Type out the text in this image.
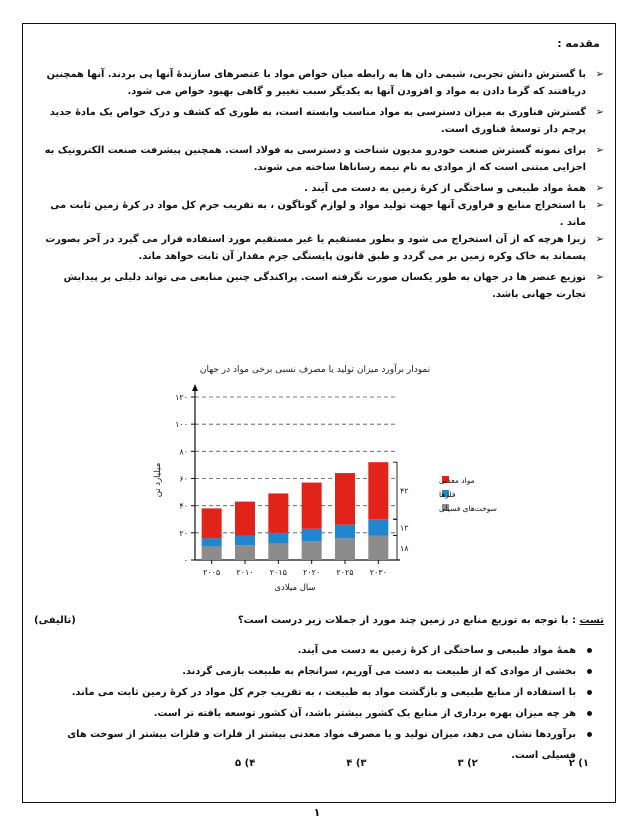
مقدمه :
➢
با گسترش دانش تجربی، شیمی دان ها به رابطه میان خواص مواد با عنصرهای سازندۀ آنها پی بردند. آنها همچنین دریافتند که گرما دادن به مواد و افزودن آنها به یکدیگر سبب تغییر و گاهی بهبود خواص می شود.
➢
گسترش فناوری به میزان دسترسی به مواد مناسب وابسته است، به طوری که کشف و درک خواص یک مادۀ جدید پرچم دار توسعۀ فناوری است.
➢
برای نمونه گسترش صنعت خودرو مدیون شناخت و دسترسی به فولاد است. همچنین پیشرفت صنعت الکترونیک به اجزایی مبتنی است که از موادی به نام نیمه رساناها ساخته می شوند.
➢
همۀ مواد طبیعی و ساختگی از کرۀ زمین به دست می آیند .
➢
با استخراج منابع و فراوری آنها جهت تولید مواد و لوازم گوناگون ، به تقریب جرم کل مواد در کرۀ زمین ثابت می ماند .
➢
زیرا هرچه که از آن استخراج می شود و بطور مستقیم یا غیر مستقیم مورد استفاده قرار می گیرد در آخر بصورت پسماند به خاک وکره زمین بر می گردد و طبق قانون پایستگی جرم مقدار آن ثابت خواهد ماند.
➢
توزیع عنصر ها در جهان به طور یکسان صورت نگرفته است. پراکندگی چنین منابعی می تواند دلیلی بر پیدایش تجارت جهانی باشد.
نمودار برآورد میزان تولید یا مصرف نسبی برخی مواد در جهان
۰
۲۰
۴۰
۶۰
۸۰
۱۰۰
۱۲۰
میلیارد تن
۲۰۰۵ ۲۰۱۰ ۲۰۱۵ ۲۰۲۰ ۲۰۲۵ ۲۰۳۰
سال میلادی
۴۲
۱۲
۱۸
مواد معدنی
فلزها
سوخت‌های فسیلی
(تالیفی)	تست : با توجه به توزیع منابع در زمین چند مورد از جملات زیر درست است؟
همۀ مواد طبیعی و ساختگی از کرۀ زمین به دست می آیند.
بخشی از موادی که از طبیعت به دست می آوریم، سرانجام به طبیعت بازمی گردند.
با استفاده از منابع طبیعی و بازگشت مواد به طبیعت ، به تقریب جرم کل مواد در کرۀ زمین ثابت می ماند.
هر چه میزان بهره برداری از منابع یک کشور بیشتر باشد، آن کشور توسعه یافته تر است.
برآوردها نشان می دهد، میزان تولید و یا مصرف مواد معدنی بیشتر از فلزات و فلزات بیشتر از سوخت های فسیلی است.
۱) ۲
۲) ۳
۳) ۴
۴) ۵
۱
